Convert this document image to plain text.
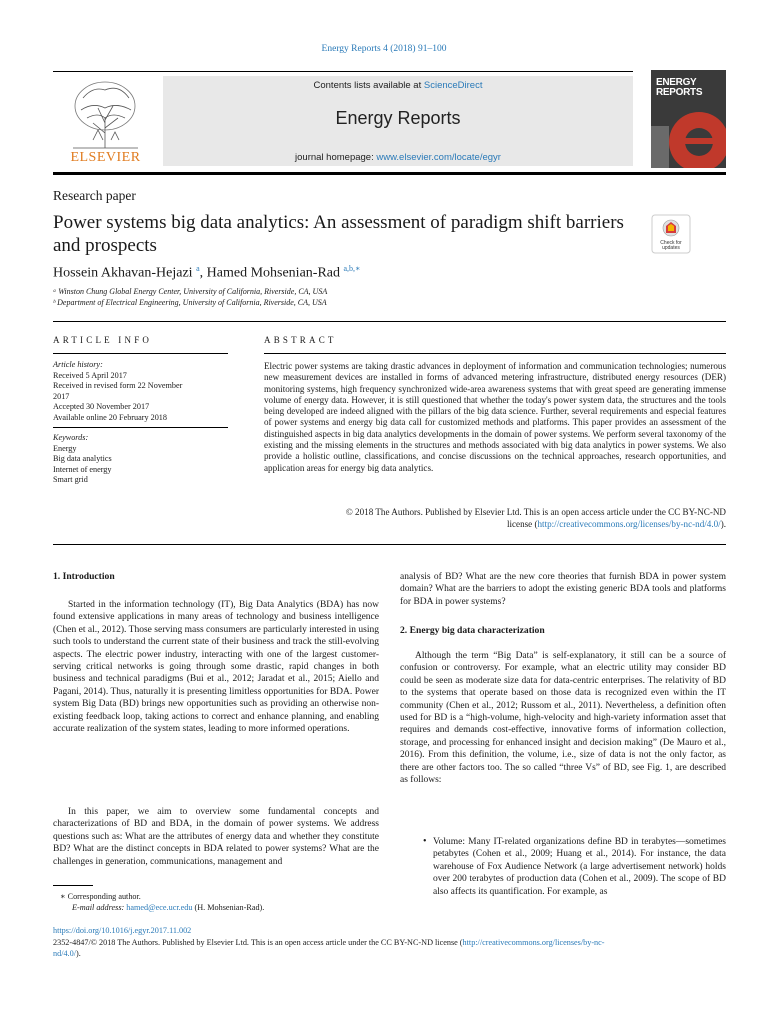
Energy Reports 4 (2018) 91–100
ELSEVIER
Contents lists available at ScienceDirect
Energy Reports
journal homepage: www.elsevier.com/locate/egyr
ENERGY
REPORTS
Research paper
Power systems big data analytics: An assessment of paradigm shift barriers and prospects	Check for
updates
Hossein Akhavan-Hejazi $^a$, Hamed Mohsenian-Rad $^{a,b,∗}$
ᵃ Winston Chung Global Energy Center, University of California, Riverside, CA, USA
ᵇ Department of Electrical Engineering, University of California, Riverside, CA, USA
ARTICLE INFO
Article history:
Received 5 April 2017
Received in revised form 22 November
2017
Accepted 30 November 2017
Available online 20 February 2018
Keywords:
Energy
Big data analytics
Internet of energy
Smart grid
ABSTRACT
Electric power systems are taking drastic advances in deployment of information and communication technologies; numerous new measurement devices are installed in forms of advanced metering infrastructure, distributed energy resources (DER) monitoring systems, high frequency synchronized wide-area awareness systems that with great speed are generating immense volume of energy data. However, it is still questioned that whether the today's power system data, the structures and the tools being developed are indeed aligned with the pillars of the big data science. Further, several requirements and especial features of power systems and energy big data call for customized methods and platforms. This paper provides an assessment of the distinguished aspects in big data analytics developments in the domain of power systems. We perform several taxonomy of the existing and the missing elements in the structures and methods associated with big data analytics in power systems. We also provide a holistic outline, classifications, and concise discussions on the technical approaches, research opportunities, and application areas for energy big data analytics.
© 2018 The Authors. Published by Elsevier Ltd. This is an open access article under the CC BY-NC-ND
license (http://creativecommons.org/licenses/by-nc-nd/4.0/).
1. Introduction
Started in the information technology (IT), Big Data Analytics (BDA) has now found extensive applications in many areas of technology and business intelligence (Chen et al., 2012). Those serving mass consumers are particularly interested in using such tools to understand the current state of their business and track the still-evolving aspects. The electric power industry, interacting with one of the largest customer-serving critical networks is going through some drastic, rapid changes in both business and technical paradigms (Bui et al., 2012; Jaradat et al., 2015; Aiello and Pagani, 2014). Thus, naturally it is presenting limitless opportunities for BDA. Power system Big Data (BD) brings new opportunities such as providing an otherwise non-existing feedback loop, taking actions to correct and enhance planning, and enabling accurate realization of the system states, leading to more informed operations.
In this paper, we aim to overview some fundamental concepts and characterizations of BD and BDA, in the domain of power systems. We address questions such as: What are the attributes of energy data and whether they constitute BD? What are the distinct concepts in BDA related to power systems? What are the challenges in generation, communications, management and
analysis of BD? What are the new core theories that furnish BDA in power system domain? What are the barriers to adopt the existing generic BDA tools and platforms for BDA in power systems?
2. Energy big data characterization
Although the term “Big Data” is self-explanatory, it still can be a source of confusion or controversy. For example, what an electric utility may consider BD could be seen as moderate size data for data-centric enterprises. The relativity of BD to the systems that operate based on those data is recognized even within the IT community (Chen et al., 2012; Russom et al., 2011). Nevertheless, a definition often used for BD is a “high-volume, high-velocity and high-variety information asset that requires and demands cost-effective, innovative forms of information collection, storage, and processing for enhanced insight and decision making” (De Mauro et al., 2016). From this definition, the volume, i.e., size of data is not the only factor, as there are other factors too. The so called “three Vs” of BD, see Fig. 1, are described as follows:
• Volume: Many IT-related organizations define BD in terabytes—sometimes petabytes (Cohen et al., 2009; Huang et al., 2014). For instance, the data warehouse of Fox Audience Network (a large advertisement network) holds over 200 terabytes of production data (Cohen et al., 2009). The scope of BD also affects its quantification. For example, as
∗ Corresponding author.
E-mail address: hamed@ece.ucr.edu (H. Mohsenian-Rad).
https://doi.org/10.1016/j.egyr.2017.11.002
2352-4847/© 2018 The Authors. Published by Elsevier Ltd. This is an open access article under the CC BY-NC-ND license (http://creativecommons.org/licenses/by-nc-
nd/4.0/).
